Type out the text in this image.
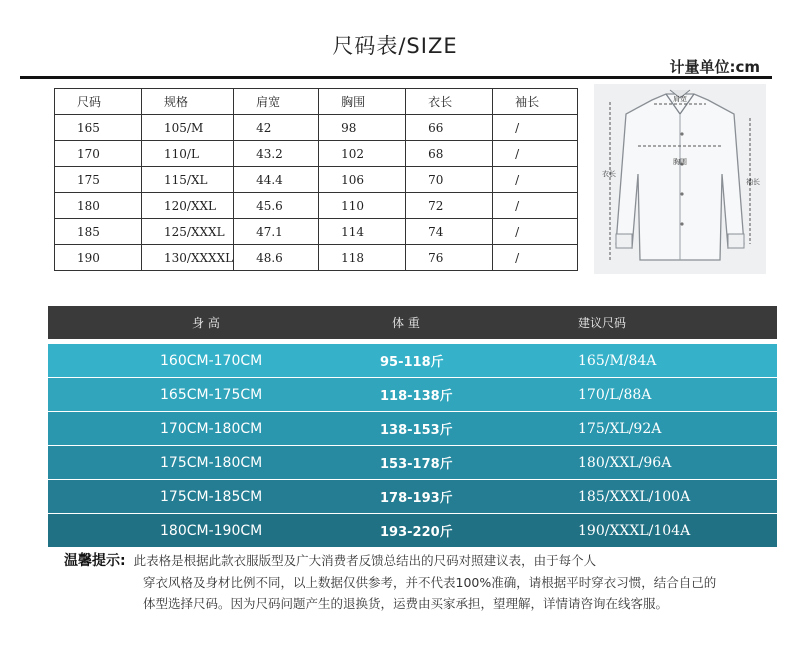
尺码表/SIZE
计量单位:cm
尺码	规格	肩宽	胸围	衣长	袖长
165	105/M	42	98	66	/
170	110/L	43.2	102	68	/
175	115/XL	44.4	106	70	/
180	120/XXL	45.6	110	72	/
185	125/XXXL	47.1	114	74	/
190	130/XXXXL	48.6	118	76	/
肩宽
胸围
衣长
袖长
身 高	体 重	建议尺码
160CM-170CM	95-118斤	165/M/84A
165CM-175CM	118-138斤	170/L/88A
170CM-180CM	138-153斤	175/XL/92A
175CM-180CM	153-178斤	180/XXL/96A
175CM-185CM	178-193斤	185/XXXL/100A
180CM-190CM	193-220斤	190/XXXL/104A
温馨提示: 此表格是根据此款衣服版型及广大消费者反馈总结出的尺码对照建议表，由于每个人
穿衣风格及身材比例不同，以上数据仅供参考，并不代表100%准确，请根据平时穿衣习惯，结合自己的
体型选择尺码。因为尺码问题产生的退换货，运费由买家承担，望理解，详情请咨询在线客服。
